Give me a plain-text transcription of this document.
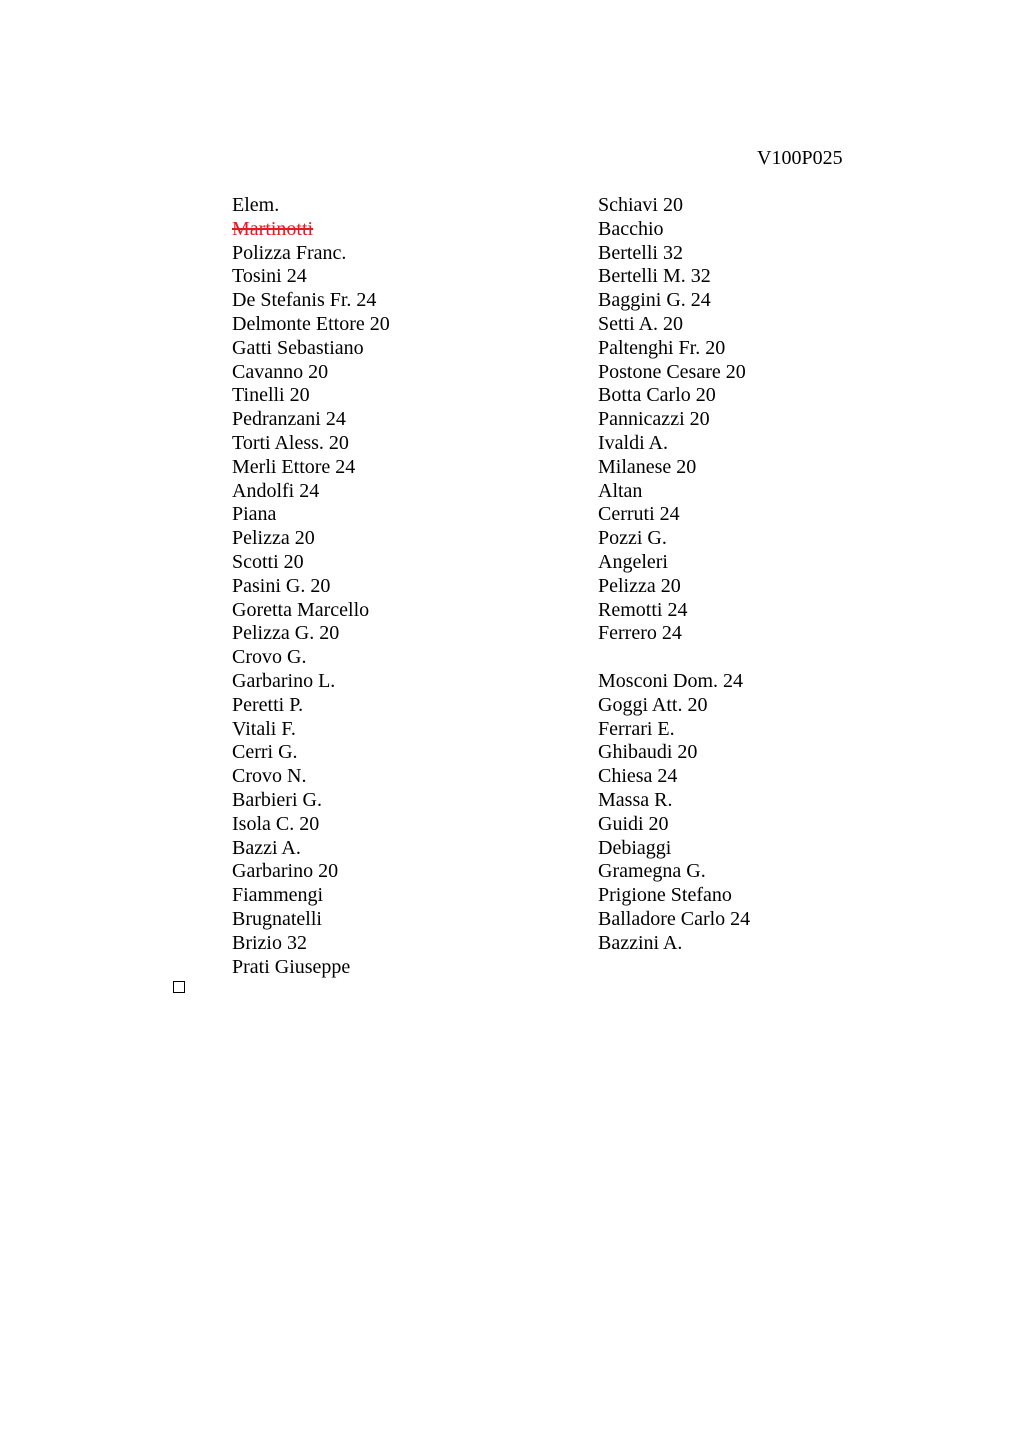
V100P025
Elem.
Martinotti
Polizza Franc.
Tosini 24
De Stefanis Fr. 24
Delmonte Ettore 20
Gatti Sebastiano
Cavanno 20
Tinelli 20
Pedranzani 24
Torti Aless. 20
Merli Ettore 24
Andolfi 24
Piana
Pelizza 20
Scotti 20
Pasini G. 20
Goretta Marcello
Pelizza G. 20
Crovo G.
Garbarino L.
Peretti P.
Vitali F.
Cerri G.
Crovo N.
Barbieri G.
Isola C. 20
Bazzi A.
Garbarino 20
Fiammengi
Brugnatelli
Brizio 32
Prati Giuseppe
Schiavi 20
Bacchio
Bertelli 32
Bertelli M. 32
Baggini G. 24
Setti A. 20
Paltenghi Fr. 20
Postone Cesare 20
Botta Carlo 20
Pannicazzi 20
Ivaldi A.
Milanese 20
Altan
Cerruti 24
Pozzi G.
Angeleri
Pelizza 20
Remotti 24
Ferrero 24
Mosconi Dom. 24
Goggi Att. 20
Ferrari E.
Ghibaudi 20
Chiesa 24
Massa R.
Guidi 20
Debiaggi
Gramegna G.
Prigione Stefano
Balladore Carlo 24
Bazzini A.
